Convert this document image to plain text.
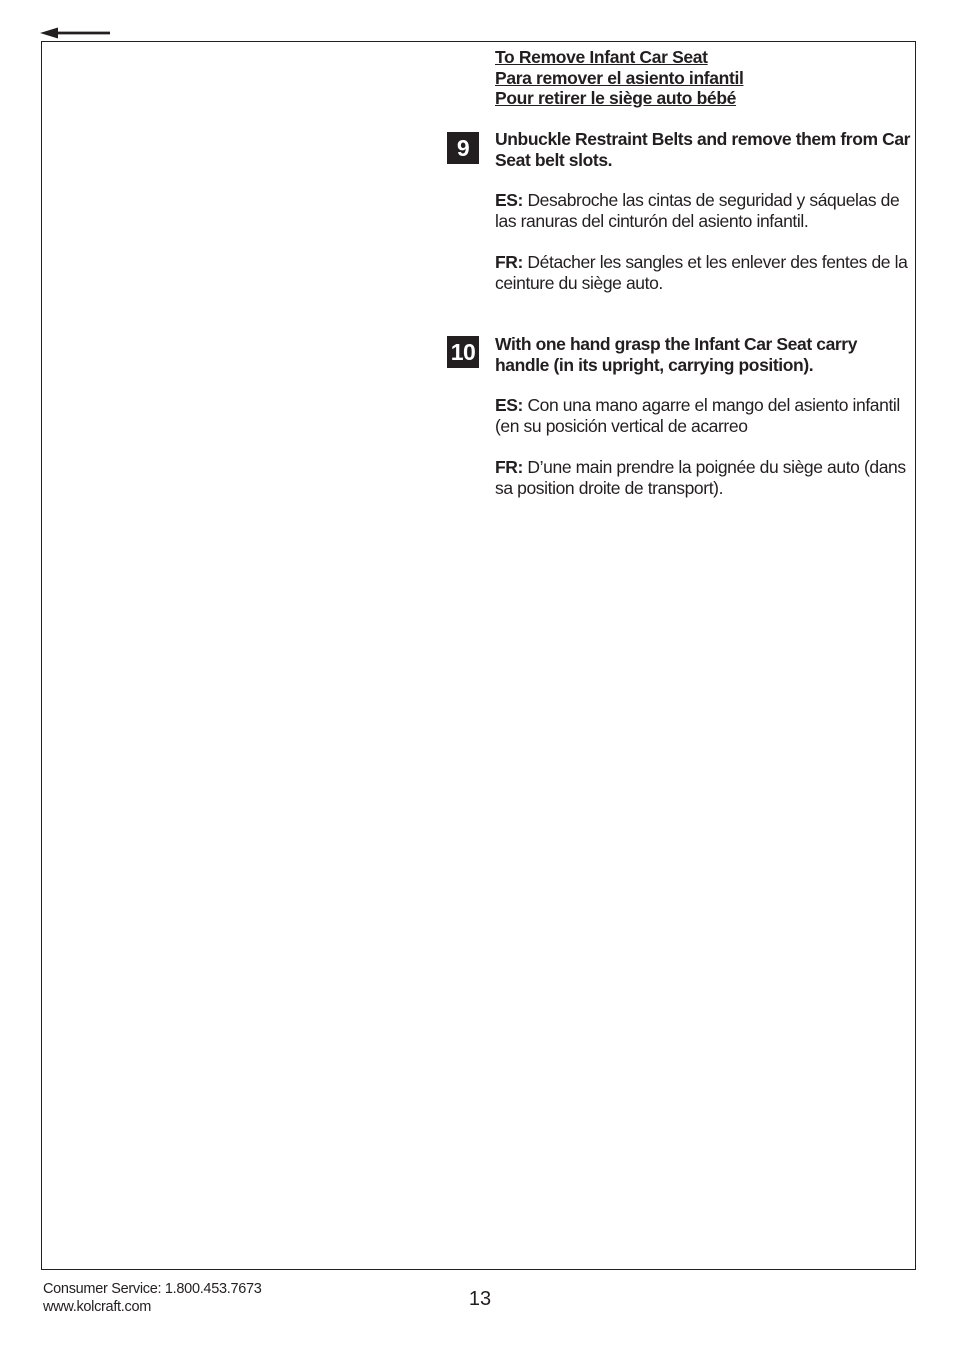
To Remove Infant Car Seat
Para remover el asiento infantil
Pour retirer le siège auto bébé
9	Unbuckle Restraint Belts and remove them from Car Seat belt slots.
ES: Desabroche las cintas de seguridad y sáquelas de las ranuras del cinturón del asiento infantil.
FR: Détacher les sangles et les enlever des fentes de la ceinture du siège auto.
10 With one hand grasp the Infant Car Seat carry handle (in its upright, carrying position).
ES: Con una mano agarre el mango del asiento infantil (en su posición vertical de acarreo
FR: D’une main prendre la poignée du siège auto (dans sa position droite de transport).
Consumer Service: 1.800.453.7673
www.kolcraft.com	13
